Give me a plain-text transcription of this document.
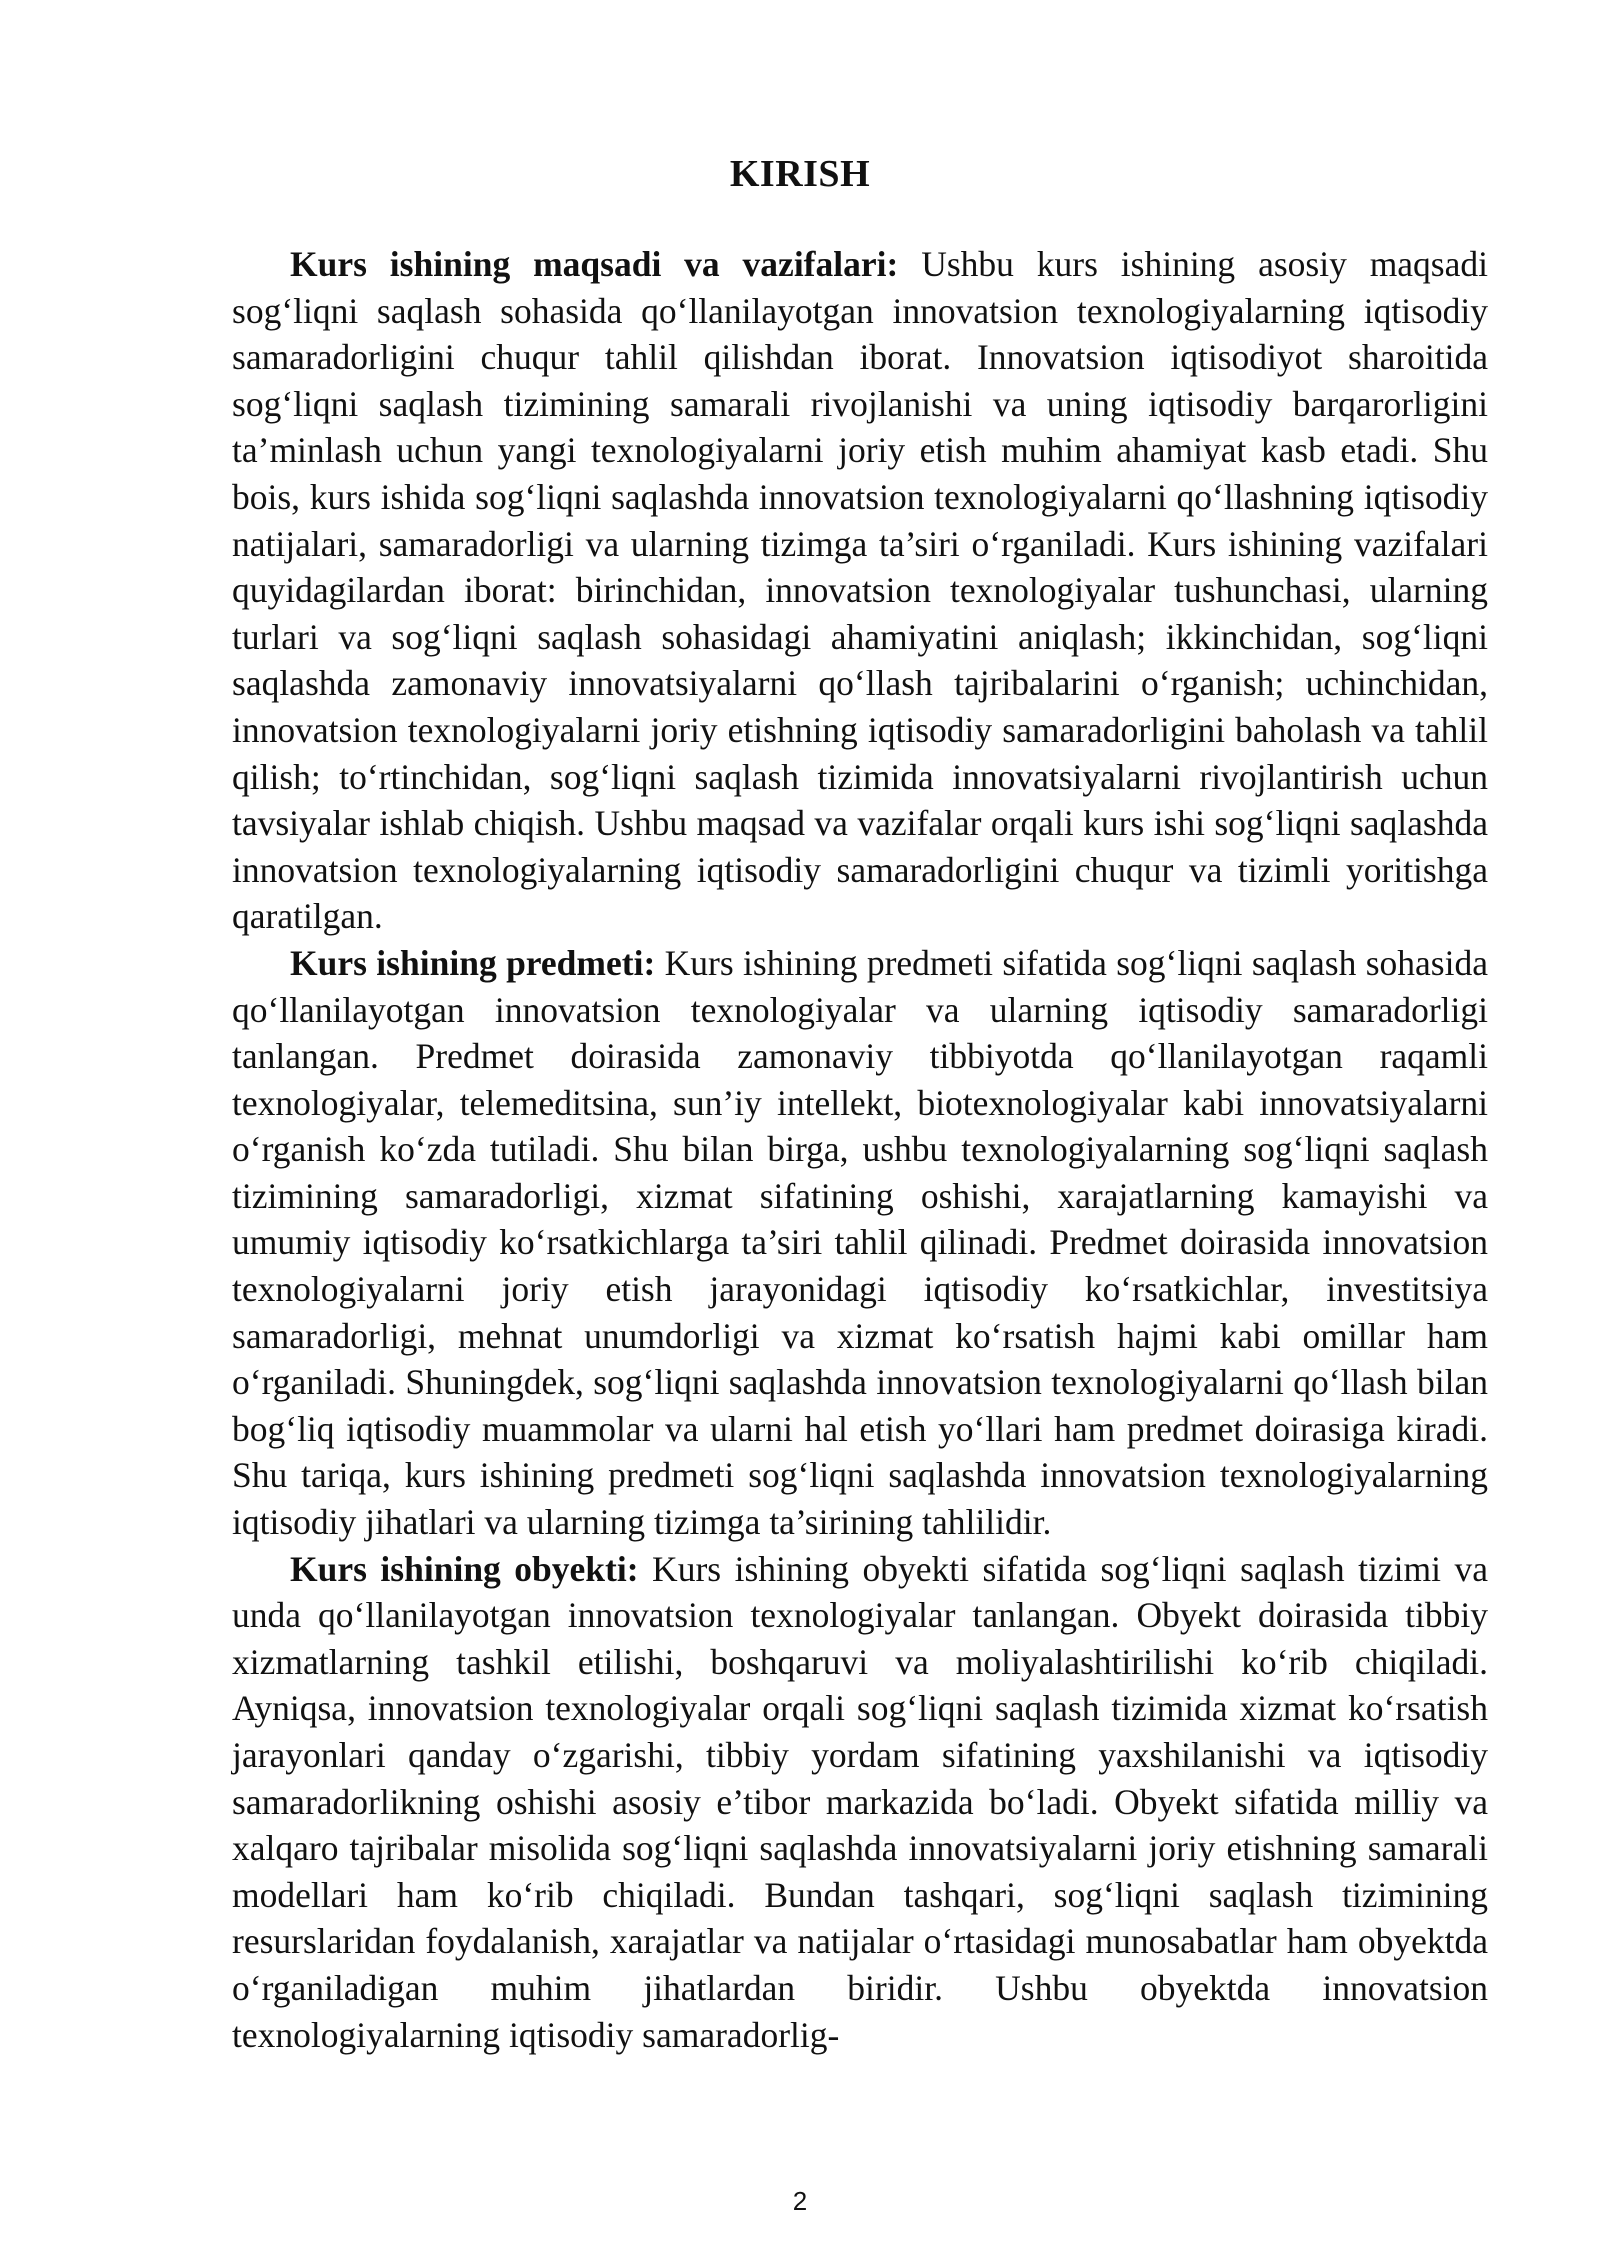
KIRISH

Kurs ishining maqsadi va vazifalari: Ushbu kurs ishining asosiy maqsadi sog‘liqni saqlash sohasida qo‘llanilayotgan innovatsion texnologiyalarning iqtisodiy samaradorligini chuqur tahlil qilishdan iborat. Innovatsion iqtisodiyot sharoitida sog‘liqni saqlash tizimining samarali rivojlanishi va uning iqtisodiy barqarorligini ta’minlash uchun yangi texnologiyalarni joriy etish muhim ahamiyat kasb etadi. Shu bois, kurs ishida sog‘liqni saqlashda innovatsion texnologiyalarni qo‘llashning iqtisodiy natijalari, samaradorligi va ularning tizimga ta’siri o‘rganiladi. Kurs ishining vazifalari quyidagilardan iborat: birinchidan, innovatsion texnologiyalar tushunchasi, ularning turlari va sog‘liqni saqlash sohasidagi ahamiyatini aniqlash; ikkinchidan, sog‘liqni saqlashda zamonaviy innovatsiyalarni qo‘llash tajribalarini o‘rganish; uchinchidan, innovatsion texnologiyalarni joriy etishning iqtisodiy samaradorligini baholash va tahlil qilish; to‘rtinchidan, sog‘liqni saqlash tizimida innovatsiyalarni rivojlantirish uchun tavsiyalar ishlab chiqish. Ushbu maqsad va vazifalar orqali kurs ishi sog‘liqni saqlashda innovatsion texnologiyalarning iqtisodiy samaradorligini chuqur va tizimli yoritishga qaratilgan.

Kurs ishining predmeti: Kurs ishining predmeti sifatida sog‘liqni saqlash sohasida qo‘llanilayotgan innovatsion texnologiyalar va ularning iqtisodiy samaradorligi tanlangan. Predmet doirasida zamonaviy tibbiyotda qo‘llanilayotgan raqamli texnologiyalar, telemeditsina, sun’iy intellekt, biotexnologiyalar kabi innovatsiyalarni o‘rganish ko‘zda tutiladi. Shu bilan birga, ushbu texnologiyalarning sog‘liqni saqlash tizimining samaradorligi, xizmat sifatining oshishi, xarajatlarning kamayishi va umumiy iqtisodiy ko‘rsatkichlarga ta’siri tahlil qilinadi. Predmet doirasida innovatsion texnologiyalarni joriy etish jarayonidagi iqtisodiy ko‘rsatkichlar, investitsiya samaradorligi, mehnat unumdorligi va xizmat ko‘rsatish hajmi kabi omillar ham o‘rganiladi. Shuningdek, sog‘liqni saqlashda innovatsion texnologiyalarni qo‘llash bilan bog‘liq iqtisodiy muammolar va ularni hal etish yo‘llari ham predmet doirasiga kiradi. Shu tariqa, kurs ishining predmeti sog‘liqni saqlashda innovatsion texnologiyalarning iqtisodiy jihatlari va ularning tizimga ta’sirining tahlilidir.

Kurs ishining obyekti: Kurs ishining obyekti sifatida sog‘liqni saqlash tizimi va unda qo‘llanilayotgan innovatsion texnologiyalar tanlangan. Obyekt doirasida tibbiy xizmatlarning tashkil etilishi, boshqaruvi va moliyalashtirilishi ko‘rib chiqiladi. Ayniqsa, innovatsion texnologiyalar orqali sog‘liqni saqlash tizimida xizmat ko‘rsatish jarayonlari qanday o‘zgarishi, tibbiy yordam sifatining yaxshilanishi va iqtisodiy samaradorlikning oshishi asosiy e’tibor markazida bo‘ladi. Obyekt sifatida milliy va xalqaro tajribalar misolida sog‘liqni saqlashda innovatsiyalarni joriy etishning samarali modellari ham ko‘rib chiqiladi. Bundan tashqari, sog‘liqni saqlash tizimining resurslaridan foydalanish, xarajatlar va natijalar o‘rtasidagi munosabatlar ham obyektda o‘rganiladigan muhim jihatlardan biridir. Ushbu obyektda innovatsion texnologiyalarning iqtisodiy samaradorlig-

2
